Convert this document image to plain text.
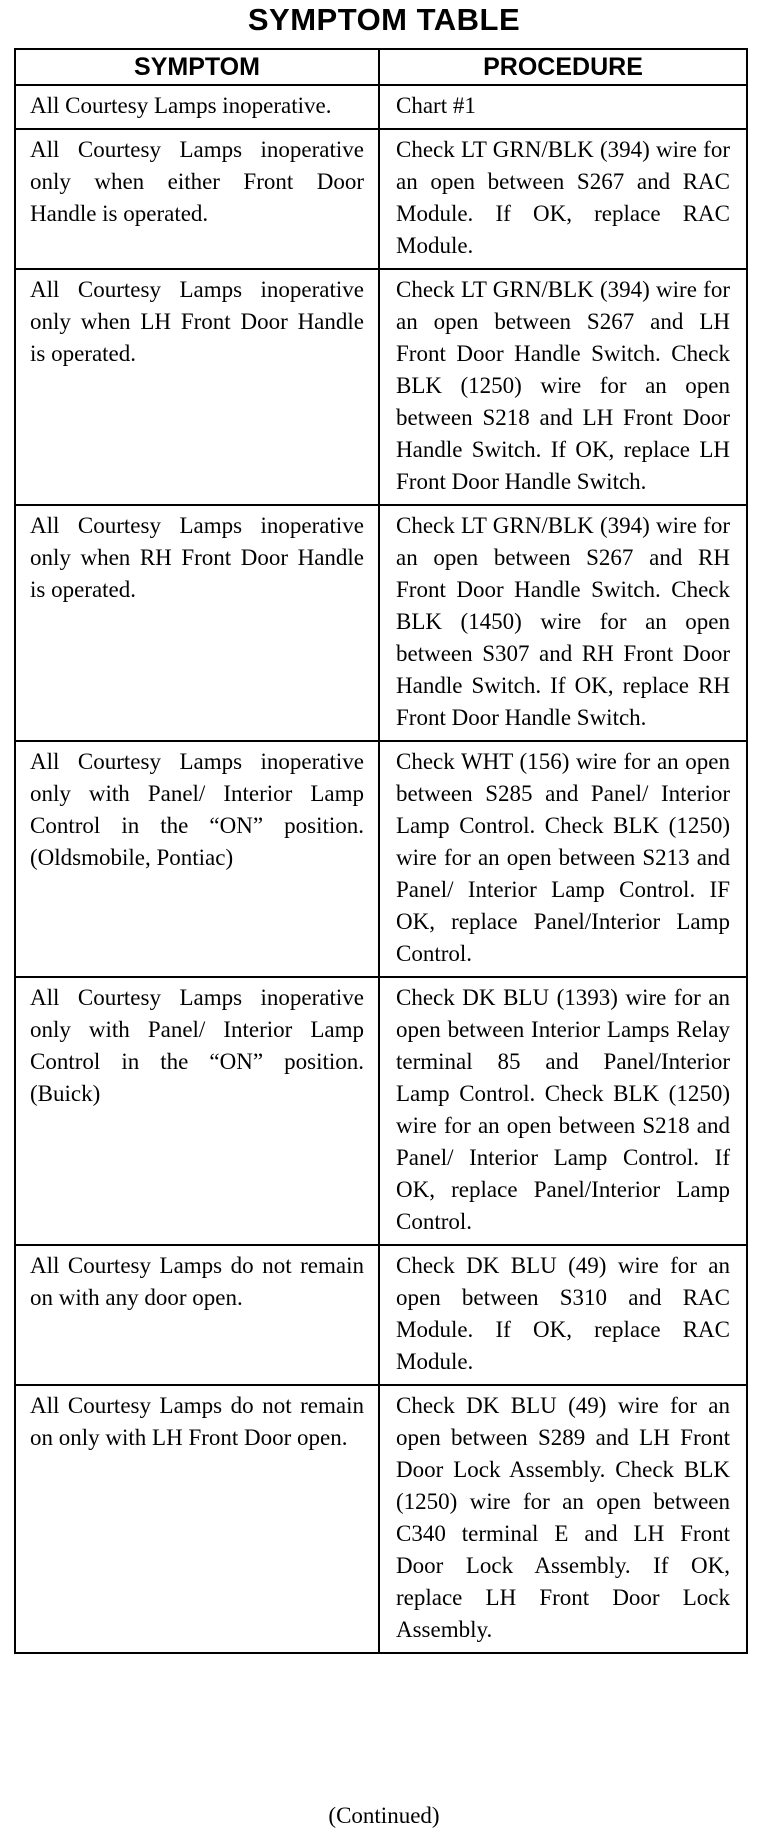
SYMPTOM TABLE
SYMPTOM	PROCEDURE
All Courtesy Lamps inoperative.	Chart #1
All Courtesy Lamps inoperative only when either Front Door Handle is operated.	Check LT GRN/BLK (394) wire for an open between S267 and RAC Module. If OK, replace RAC Module.
All Courtesy Lamps inoperative only when LH Front Door Handle is operated.	Check LT GRN/BLK (394) wire for an open between S267 and LH Front Door Handle Switch. Check BLK (1250) wire for an open between S218 and LH Front Door Handle Switch. If OK, replace LH Front Door Handle Switch.
All Courtesy Lamps inoperative only when RH Front Door Handle is operated.	Check LT GRN/BLK (394) wire for an open between S267 and RH Front Door Handle Switch. Check BLK (1450) wire for an open between S307 and RH Front Door Handle Switch. If OK, replace RH Front Door Handle Switch.
All Courtesy Lamps inoperative only with Panel/ Interior Lamp Control in the “ON” position. (Oldsmobile, Pontiac)	Check WHT (156) wire for an open between S285 and Panel/ Interior Lamp Control. Check BLK (1250) wire for an open between S213 and Panel/ Interior Lamp Control. IF OK, replace Panel/Interior Lamp Control.
All Courtesy Lamps inoperative only with Panel/ Interior Lamp Control in the “ON” position. (Buick)	Check DK BLU (1393) wire for an open between Interior Lamps Relay terminal 85 and Panel/Interior Lamp Control. Check BLK (1250) wire for an open between S218 and Panel/ Interior Lamp Control. If OK, replace Panel/Interior Lamp Control.
All Courtesy Lamps do not remain on with any door open.	Check DK BLU (49) wire for an open between S310 and RAC Module. If OK, replace RAC Module.
All Courtesy Lamps do not remain on only with LH Front Door open.	Check DK BLU (49) wire for an open between S289 and LH Front Door Lock Assembly. Check BLK (1250) wire for an open between C340 terminal E and LH Front Door Lock Assembly. If OK, replace LH Front Door Lock Assembly.
(Continued)
